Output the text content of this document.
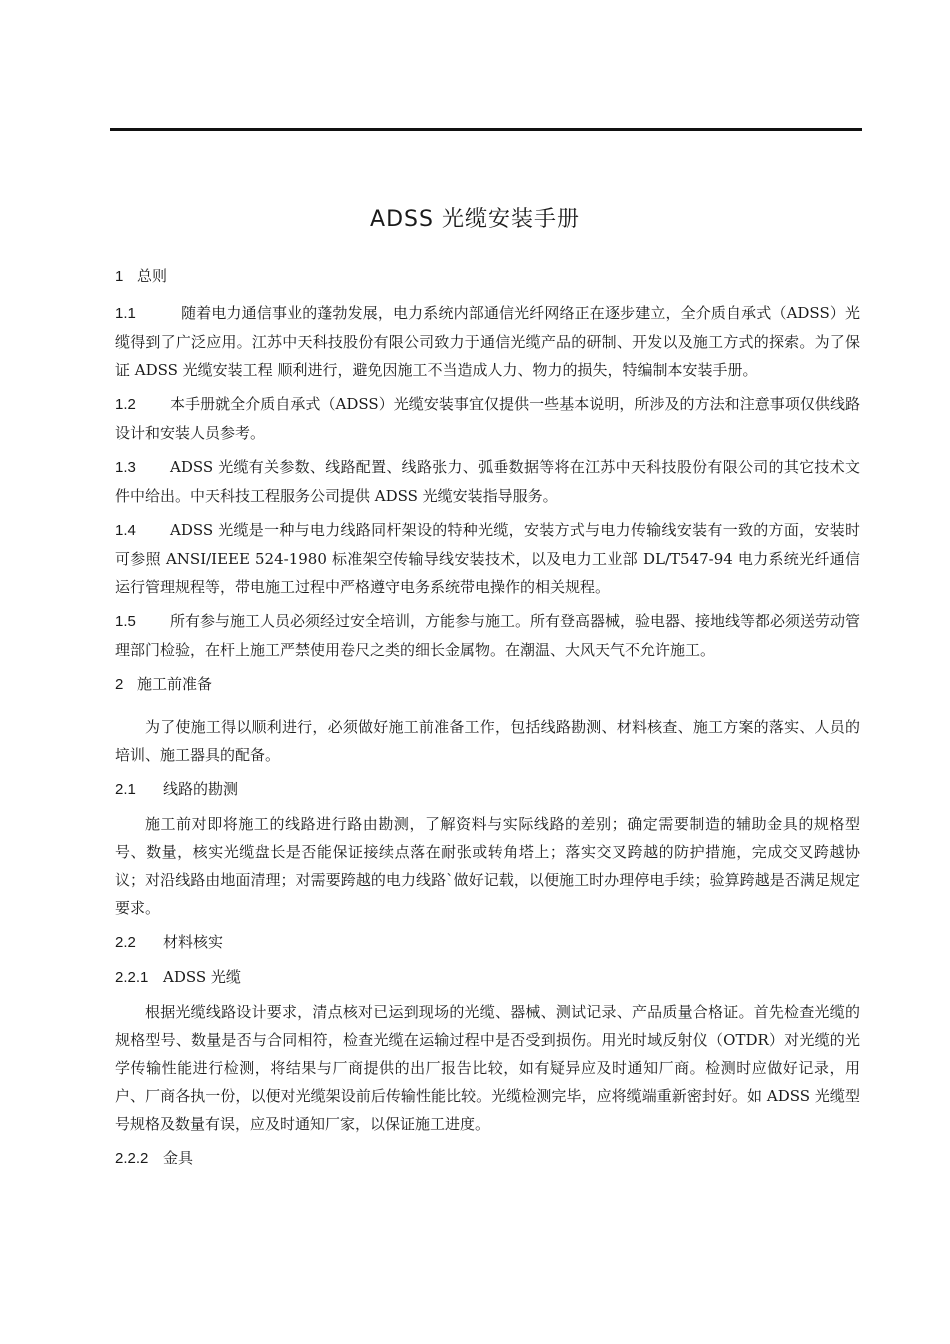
ADSS 光缆安装手册
1 总则

1.1	随着电力通信事业的蓬勃发展，电力系统内部通信光纤网络正在逐步建立，全介质自承式（ADSS）光缆得到了广泛应用。江苏中天科技股份有限公司致力于通信光缆产品的研制、开发以及施工方式的探索。为了保证 ADSS 光缆安装工程 顺利进行，避免因施工不当造成人力、物力的损失，特编制本安装手册。

1.2 本手册就全介质自承式（ADSS）光缆安装事宜仅提供一些基本说明，所涉及的方法和注意事项仅供线路设计和安装人员参考。

1.3 ADSS 光缆有关参数、线路配置、线路张力、弧垂数据等将在江苏中天科技股份有限公司的其它技术文件中给出。中天科技工程服务公司提供 ADSS 光缆安装指导服务。

1.4 ADSS 光缆是一种与电力线路同杆架设的特种光缆，安装方式与电力传输线安装有一致的方面，安装时可参照 ANSI/IEEE 524-1980 标准架空传输导线安装技术，以及电力工业部 DL/T547-94 电力系统光纤通信运行管理规程等，带电施工过程中严格遵守电务系统带电操作的相关规程。

1.5 所有参与施工人员必须经过安全培训，方能参与施工。所有登高器械，验电器、接地线等都必须送劳动管理部门检验，在杆上施工严禁使用卷尺之类的细长金属物。在潮温、大风天气不允许施工。

2 施工前准备

为了使施工得以顺利进行，必须做好施工前准备工作，包括线路勘测、材料核查、施工方案的落实、人员的培训、施工器具的配备。

2.1 线路的勘测

施工前对即将施工的线路进行路由勘测，了解资料与实际线路的差别；确定需要制造的辅助金具的规格型号、数量，核实光缆盘长是否能保证接续点落在耐张或转角塔上；落实交叉跨越的防护措施，完成交叉跨越协议；对沿线路由地面清理；对需要跨越的电力线路`做好记载，以便施工时办理停电手续；验算跨越是否满足规定要求。

2.2 材料核实
2.2.1 ADSS 光缆

根据光缆线路设计要求，清点核对已运到现场的光缆、器械、测试记录、产品质量合格证。首先检查光缆的规格型号、数量是否与合同相符，检查光缆在运输过程中是否受到损伤。用光时域反射仪（OTDR）对光缆的光学传输性能进行检测，将结果与厂商提供的出厂报告比较，如有疑异应及时通知厂商。检测时应做好记录，用户、厂商各执一份，以便对光缆架设前后传输性能比较。光缆检测完毕，应将缆端重新密封好。如 ADSS 光缆型号规格及数量有误，应及时通知厂家，以保证施工进度。

2.2.2 金具
